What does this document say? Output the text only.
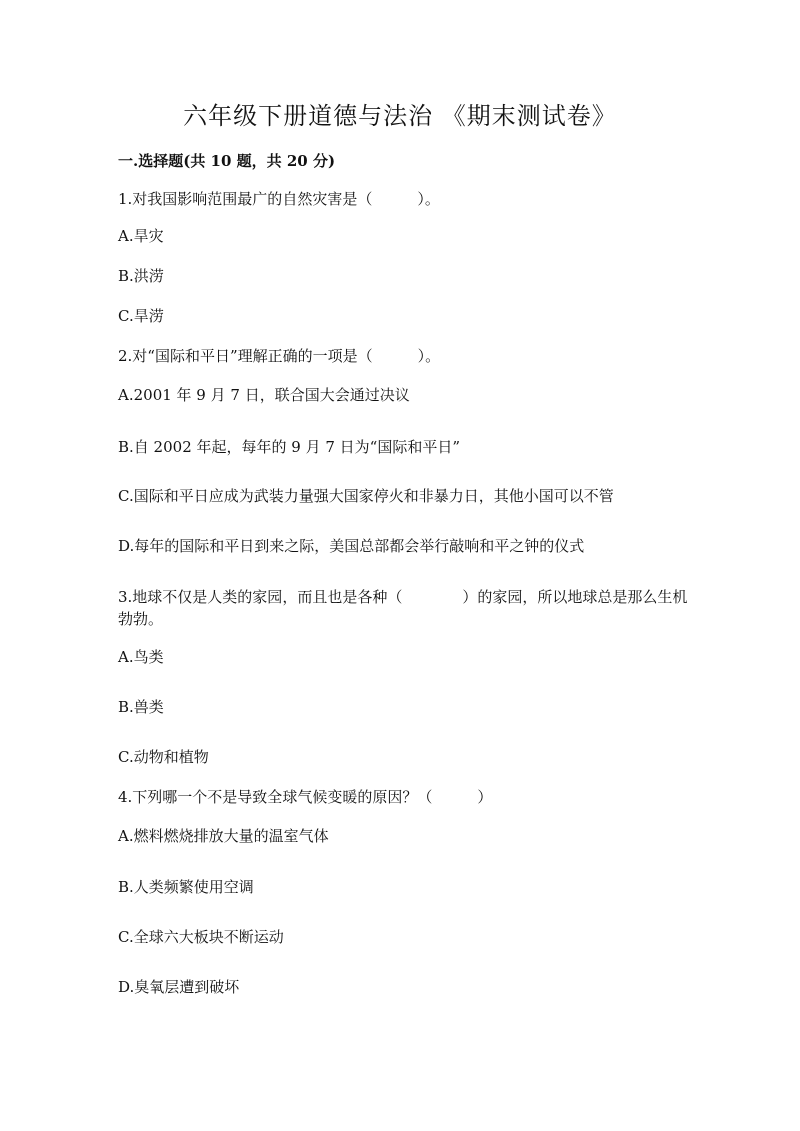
六年级下册道德与法治 《期末测试卷》

一.选择题(共 10 题，共 20 分)

1.对我国影响范围最广的自然灾害是（　　　）。

A.旱灾

B.洪涝

C.旱涝

2.对“国际和平日”理解正确的一项是（　　　）。

A.2001 年 9 月 7 日，联合国大会通过决议

B.自 2002 年起，每年的 9 月 7 日为“国际和平日”

C.国际和平日应成为武装力量强大国家停火和非暴力日，其他小国可以不管

D.每年的国际和平日到来之际，美国总部都会举行敲响和平之钟的仪式

3.地球不仅是人类的家园，而且也是各种（　　　　）的家园，所以地球总是那么生机勃勃。

A.鸟类

B.兽类

C.动物和植物

4.下列哪一个不是导致全球气候变暖的原因？（　　　）

A.燃料燃烧排放大量的温室气体

B.人类频繁使用空调

C.全球六大板块不断运动

D.臭氧层遭到破坏
